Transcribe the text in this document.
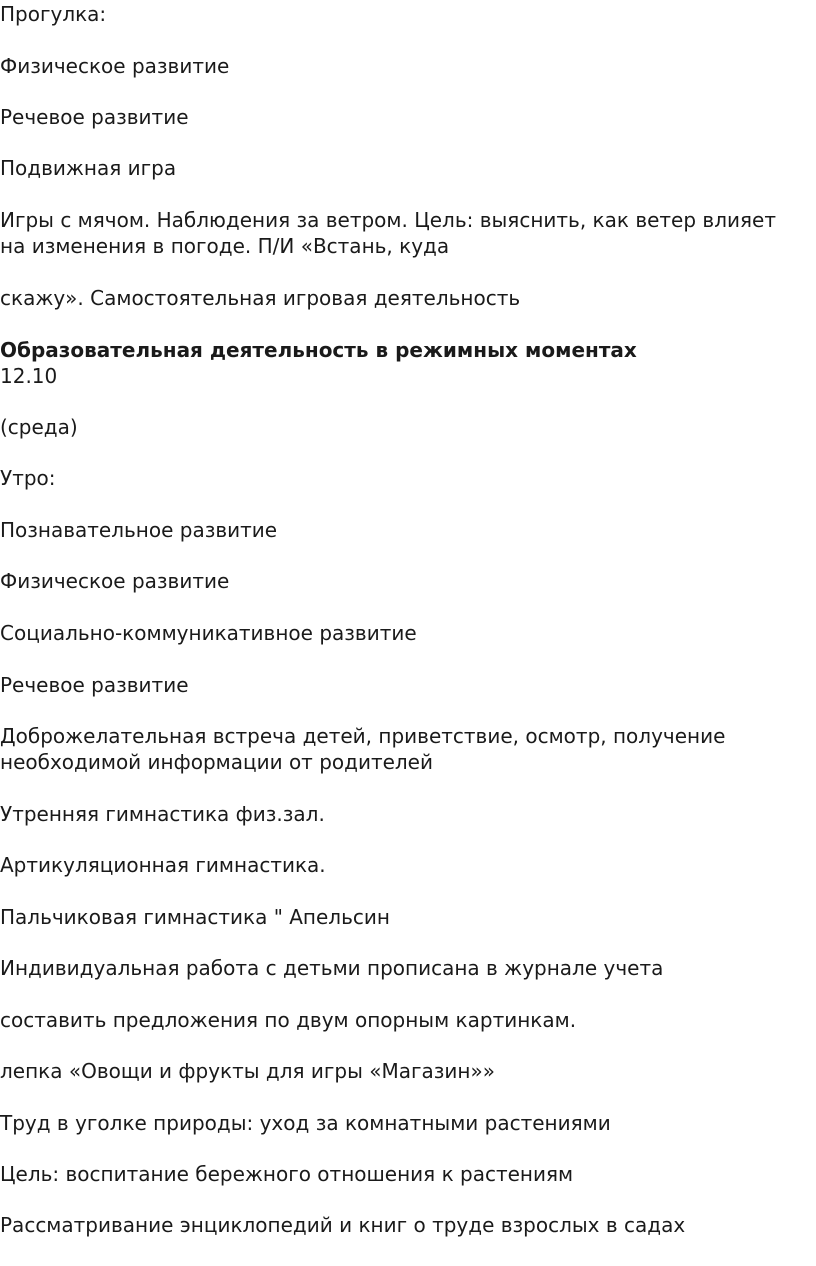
Прогулка:

Физическое развитие

Речевое развитие

Подвижная игра

Игры с мячом. Наблюдения за ветром. Цель: выяснить, как ветер влияет

на изменения в погоде. П/И «Встань, куда

скажу». Самостоятельная игровая деятельность

Образовательная деятельность в режимных моментах

12.10

(среда)

Утро:

Познавательное развитие

Физическое развитие

Социально-коммуникативное развитие

Речевое развитие

Доброжелательная встреча детей, приветствие, осмотр, получение

необходимой информации от родителей

Утренняя гимнастика физ.зал.

Артикуляционная гимнастика.

Пальчиковая гимнастика " Апельсин

Индивидуальная работа с детьми прописана в журнале учета

составить предложения по двум опорным картинкам.

лепка «Овощи и фрукты для игры «Магазин»»

Труд в уголке природы: уход за комнатными растениями

Цель: воспитание бережного отношения к растениям

Рассматривание энциклопедий и книг о труде взрослых в садах
